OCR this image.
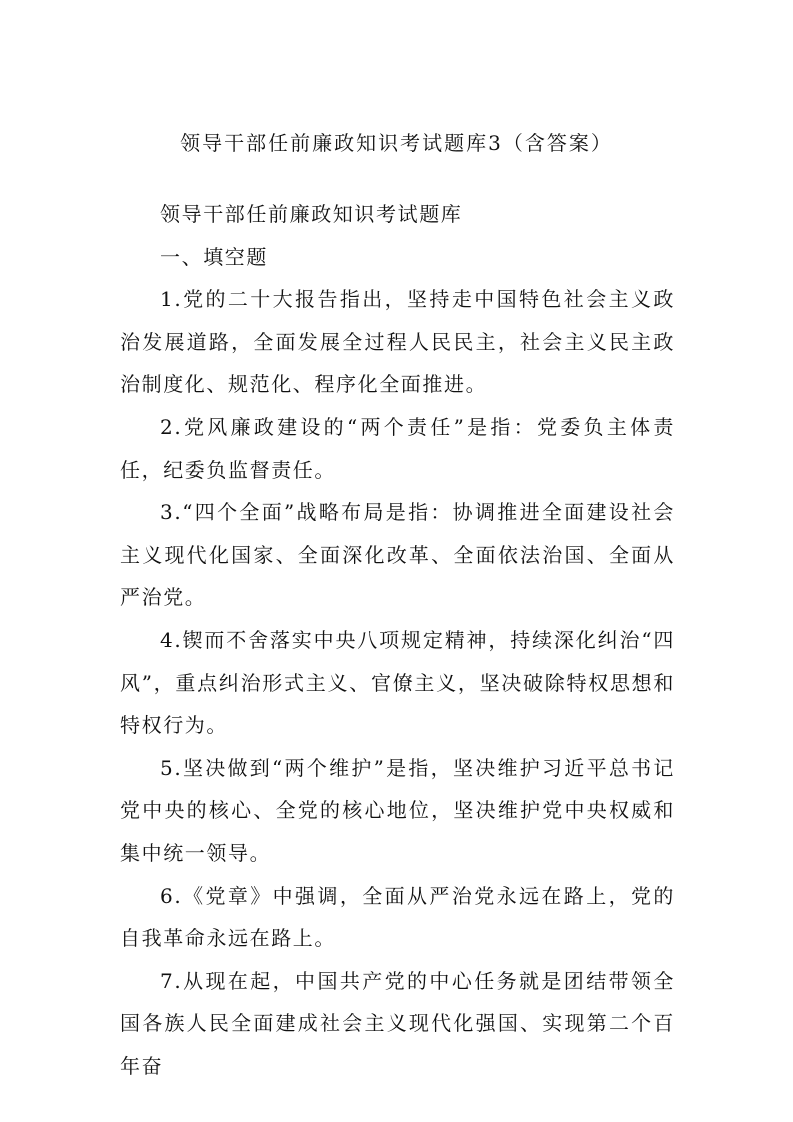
领导干部任前廉政知识考试题库3（含答案）

领导干部任前廉政知识考试题库

一、填空题

1.党的二十大报告指出，坚持走中国特色社会主义政治发展道路，全面发展全过程人民民主，社会主义民主政治制度化、规范化、程序化全面推进。

2.党风廉政建设的“两个责任”是指：党委负主体责任，纪委负监督责任。

3.“四个全面”战略布局是指：协调推进全面建设社会主义现代化国家、全面深化改革、全面依法治国、全面从严治党。

4.锲而不舍落实中央八项规定精神，持续深化纠治“四风”，重点纠治形式主义、官僚主义，坚决破除特权思想和特权行为。

5.坚决做到“两个维护”是指，坚决维护习近平总书记党中央的核心、全党的核心地位，坚决维护党中央权威和集中统一领导。

6.《党章》中强调，全面从严治党永远在路上，党的自我革命永远在路上。

7.从现在起，中国共产党的中心任务就是团结带领全国各族人民全面建成社会主义现代化强国、实现第二个百年奋
